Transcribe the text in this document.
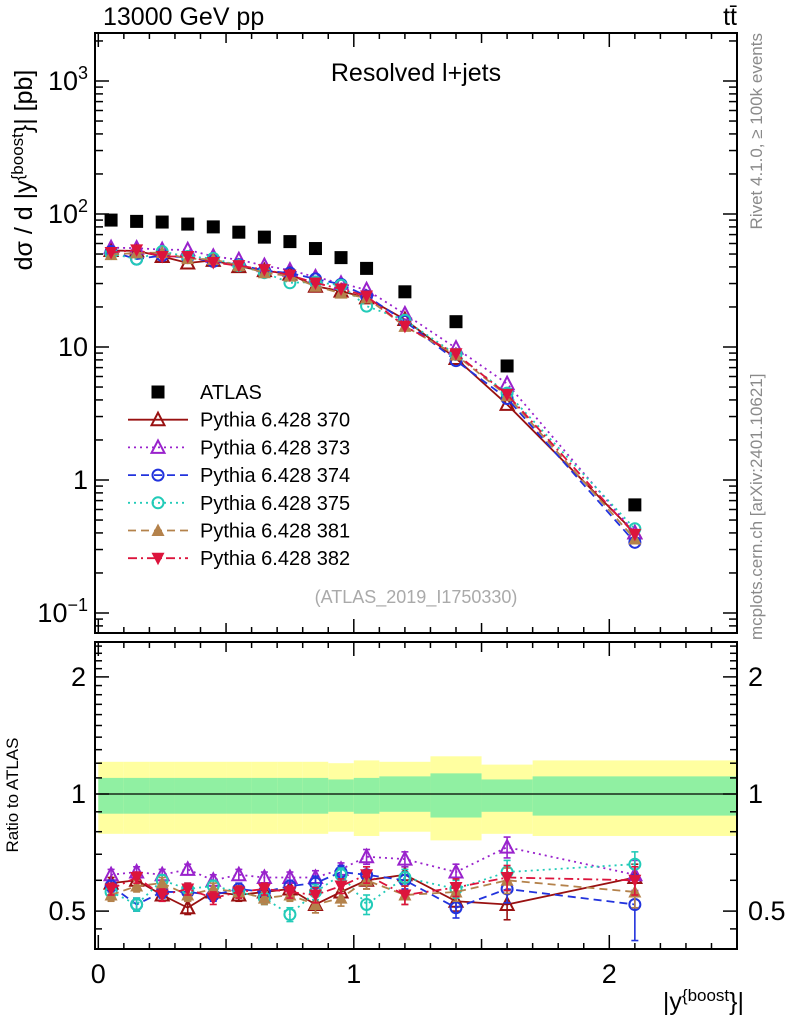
$10^3$
$10^2$
10
1
$10^{-1}$
2	2
1	1
0.5	0.5
0	1	2
dσ / d $|y^{\{boost}\}|$ [pb]
$|y^{\{boost}\}|$
ATLAS
Pythia 6.428 370
Pythia 6.428 373
Pythia 6.428 374
Pythia 6.428 375
Pythia 6.428 381
Pythia 6.428 382
13000 GeV pp	tt̄
Resolved l+jets
(ATLAS_2019_I1750330)
Rivet 4.1.0, ≥ 100k events
mcplots.cern.ch [arXiv:2401.10621]
Ratio to ATLAS
